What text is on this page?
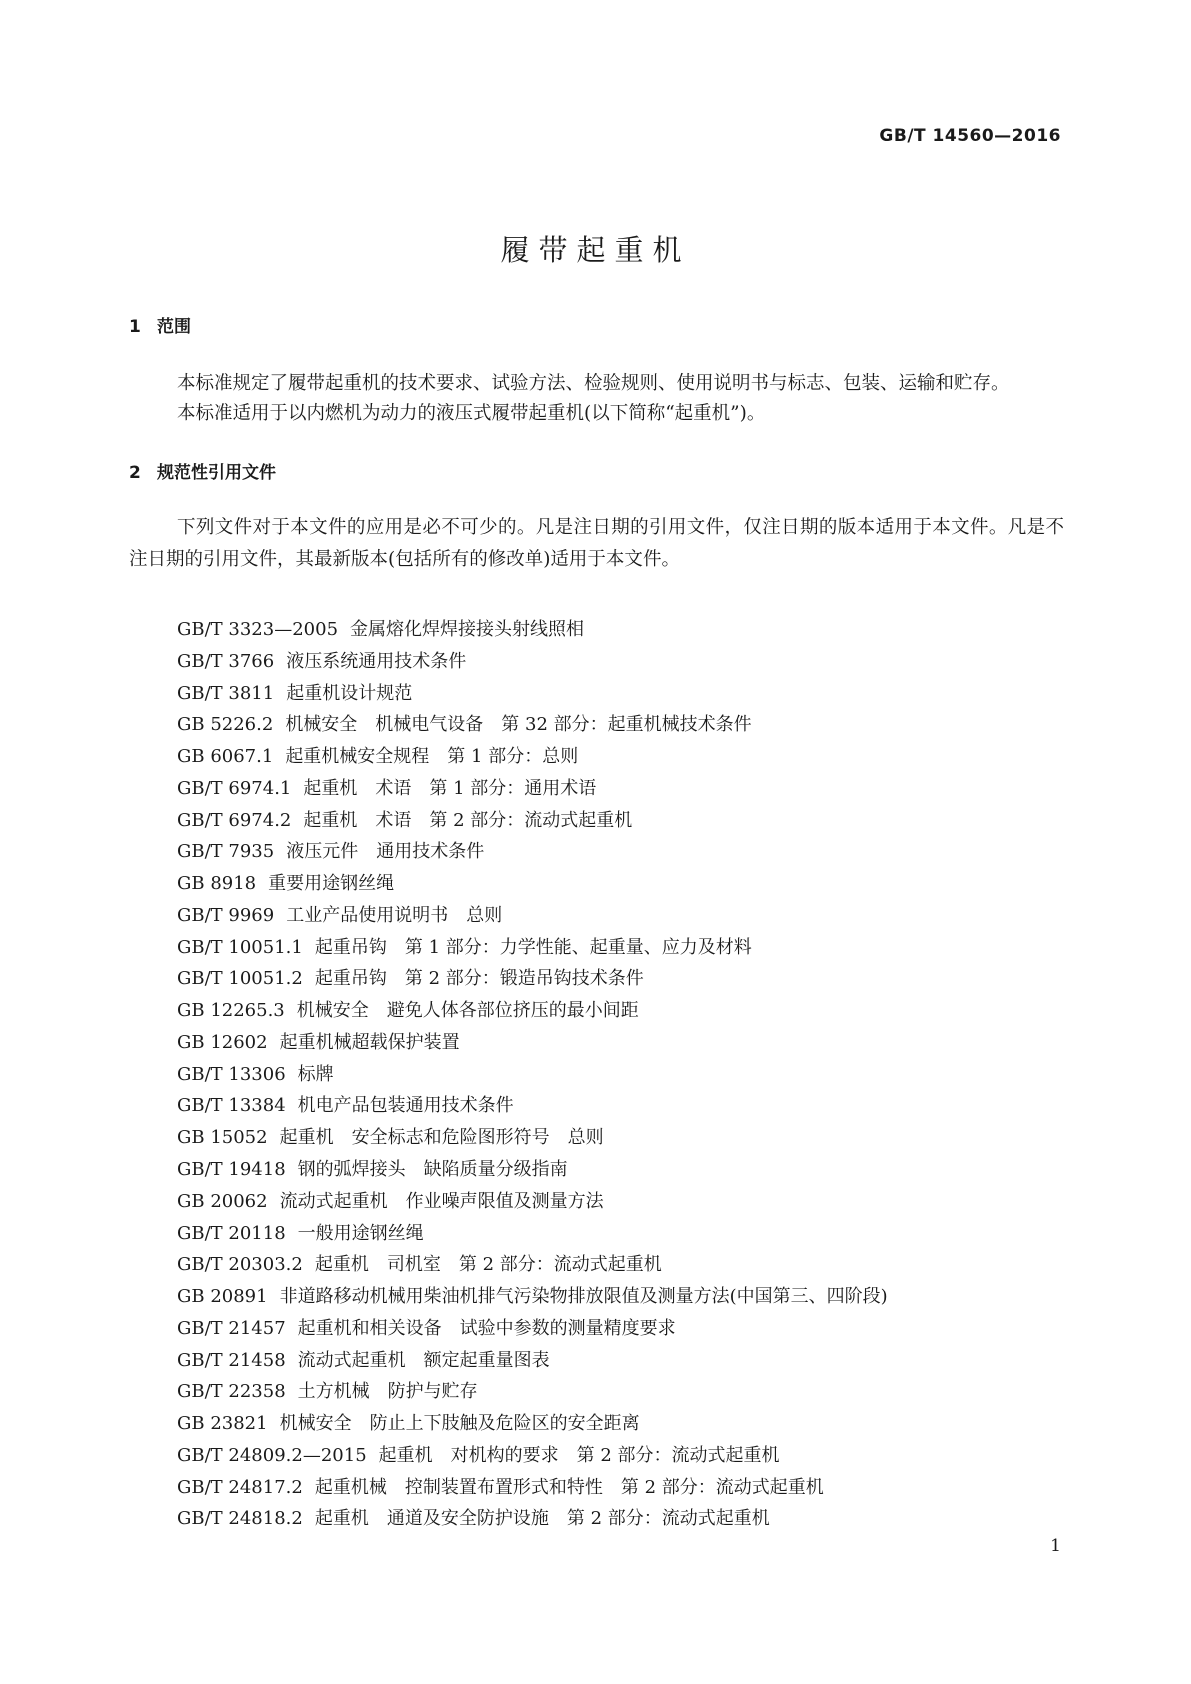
GB/T 14560—2016
履带起重机
1 范围
本标准规定了履带起重机的技术要求、试验方法、检验规则、使用说明书与标志、包装、运输和贮存。
本标准适用于以内燃机为动力的液压式履带起重机(以下简称“起重机”)。
2 规范性引用文件
下列文件对于本文件的应用是必不可少的。凡是注日期的引用文件，仅注日期的版本适用于本文件。凡是不注日期的引用文件，其最新版本(包括所有的修改单)适用于本文件。
GB/T 3323—2005 金属熔化焊焊接接头射线照相
GB/T 3766 液压系统通用技术条件
GB/T 3811 起重机设计规范
GB 5226.2 机械安全　机械电气设备　第 32 部分：起重机械技术条件
GB 6067.1 起重机械安全规程　第 1 部分：总则
GB/T 6974.1 起重机　术语　第 1 部分：通用术语
GB/T 6974.2 起重机　术语　第 2 部分：流动式起重机
GB/T 7935 液压元件　通用技术条件
GB 8918 重要用途钢丝绳
GB/T 9969 工业产品使用说明书　总则
GB/T 10051.1 起重吊钩　第 1 部分：力学性能、起重量、应力及材料
GB/T 10051.2 起重吊钩　第 2 部分：锻造吊钩技术条件
GB 12265.3 机械安全　避免人体各部位挤压的最小间距
GB 12602 起重机械超载保护装置
GB/T 13306 标牌
GB/T 13384 机电产品包装通用技术条件
GB 15052 起重机　安全标志和危险图形符号　总则
GB/T 19418 钢的弧焊接头　缺陷质量分级指南
GB 20062 流动式起重机　作业噪声限值及测量方法
GB/T 20118 一般用途钢丝绳
GB/T 20303.2 起重机　司机室　第 2 部分：流动式起重机
GB 20891 非道路移动机械用柴油机排气污染物排放限值及测量方法(中国第三、四阶段)
GB/T 21457 起重机和相关设备　试验中参数的测量精度要求
GB/T 21458 流动式起重机　额定起重量图表
GB/T 22358 土方机械　防护与贮存
GB 23821 机械安全　防止上下肢触及危险区的安全距离
GB/T 24809.2—2015 起重机　对机构的要求　第 2 部分：流动式起重机
GB/T 24817.2 起重机械　控制装置布置形式和特性　第 2 部分：流动式起重机
GB/T 24818.2 起重机　通道及安全防护设施　第 2 部分：流动式起重机
1
